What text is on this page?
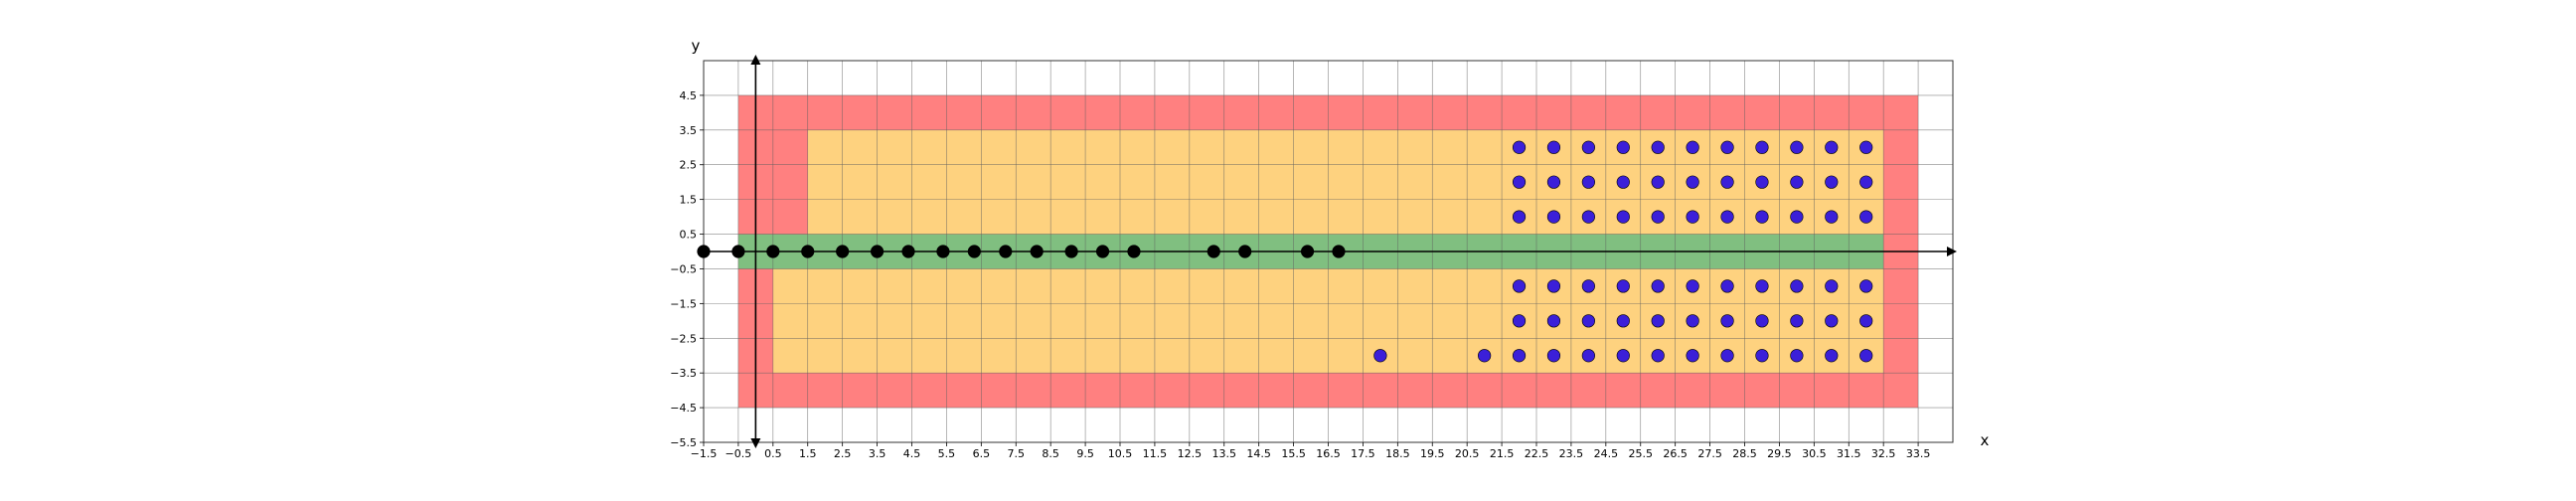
−1.5 −0.5 0.5 1.5 2.5 3.5 4.5 5.5 6.5 7.5 8.5 9.5 10.5 11.5 12.5 13.5 14.5 15.5 16.5 17.5 18.5 19.5 20.5 21.5 22.5 23.5 24.5 25.5 26.5 27.5 28.5 29.5 30.5 31.5 32.5 33.5
4.5
3.5
2.5
1.5
0.5
−0.5
−1.5
−2.5
−3.5
−4.5
−5.5	x
y
